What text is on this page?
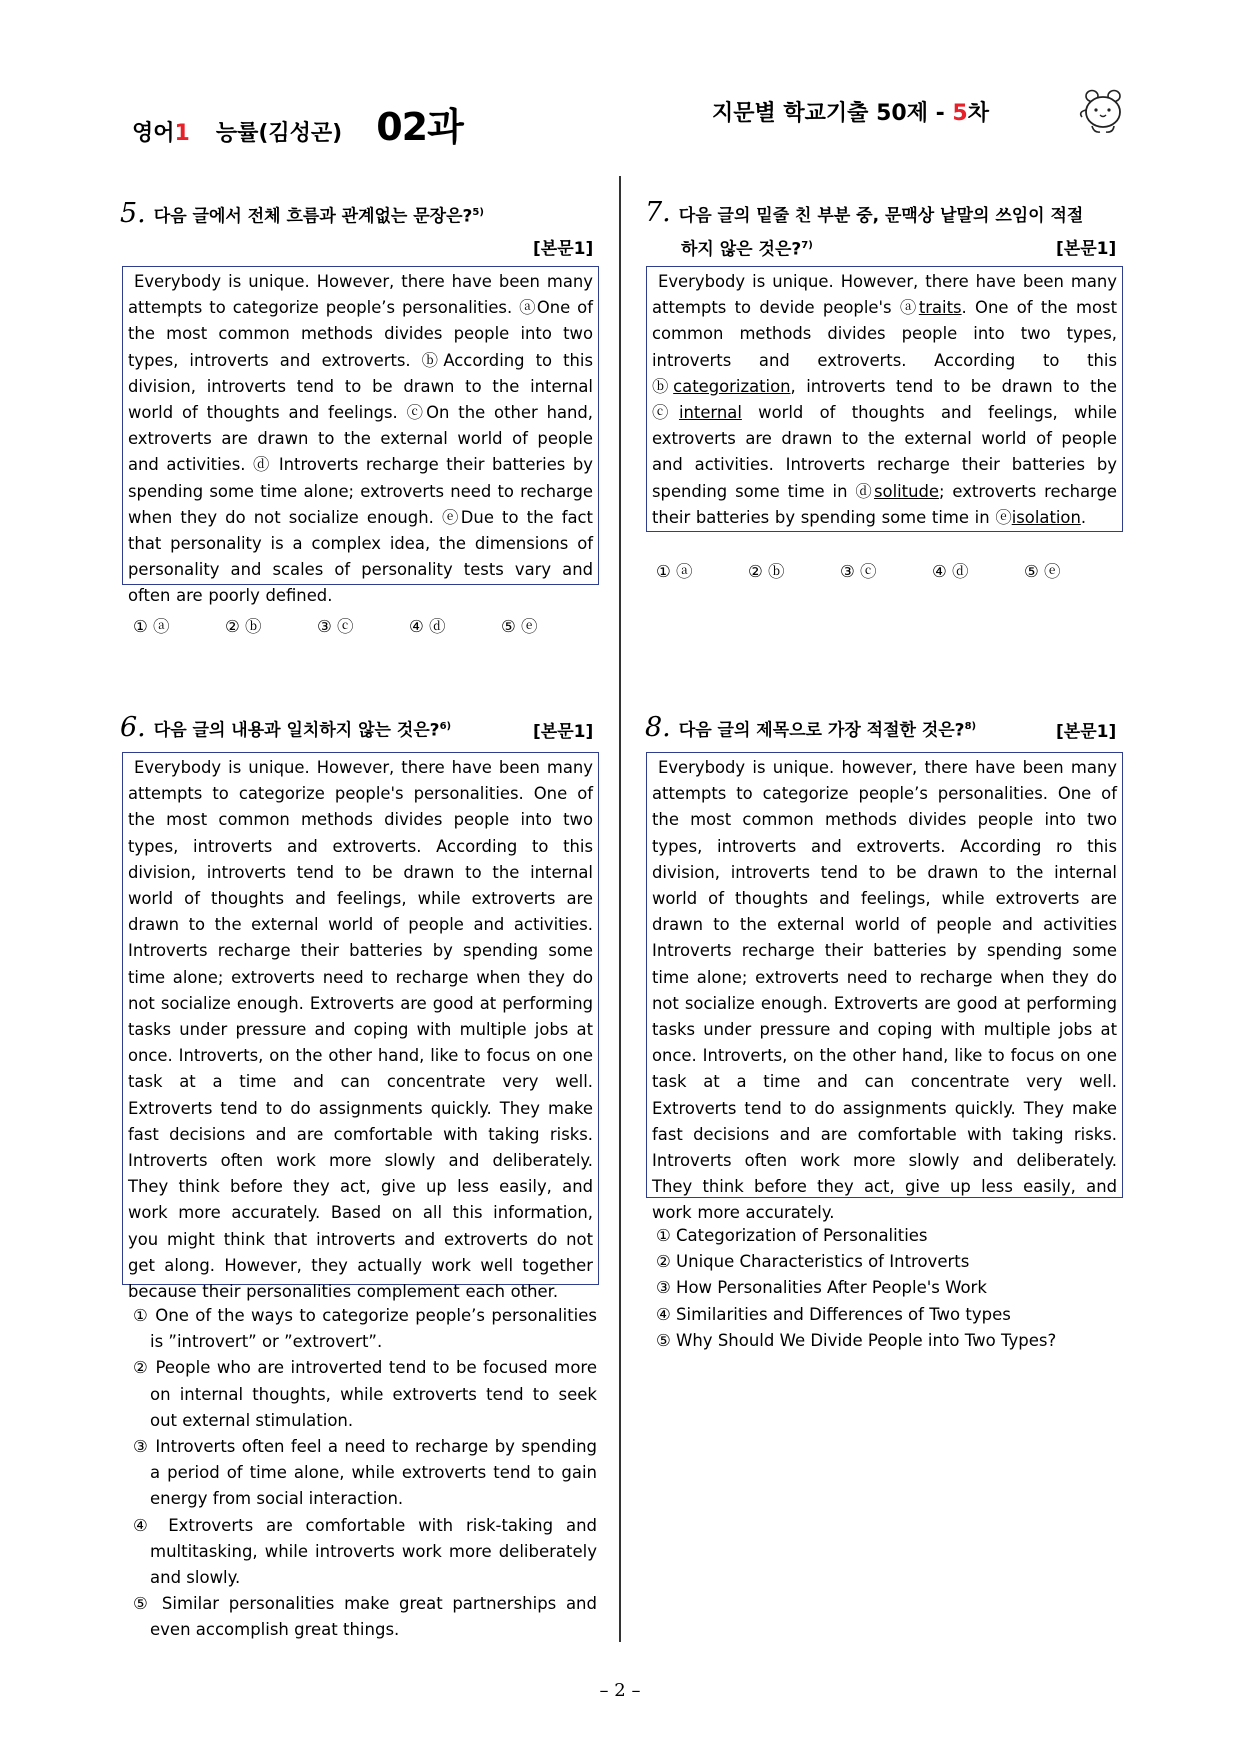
영어 1 능률(김성곤) 02과	지문별 학교기출 50제 - 5 차
5. 다음 글에서 전체 흐름과 관계없는 문장은?$^{5)}$
[본문1]

Everybody is unique. However, there have been many attempts to categorize people’s personalities. ⓐOne of the most common methods divides people into two types, introverts and extroverts. ⓑAccording to this division, introverts tend to be drawn to the internal world of thoughts and feelings. ⓒOn the other hand, extroverts are drawn to the external world of people and activities. ⓓ Introverts recharge their batteries by spending some time alone; extroverts need to recharge when they do not socialize enough. ⓔDue to the fact that personality is a complex idea, the dimensions of personality and scales of personality tests vary and often are poorly defined.

① ⓐ	② ⓑ	③ ⓒ	④ ⓓ	⑤ ⓔ
6. 다음 글의 내용과 일치하지 않는 것은?$^{6)}$	[본문1]

Everybody is unique. However, there have been many attempts to categorize people's personalities. One of the most common methods divides people into two types, introverts and extroverts. According to this division, introverts tend to be drawn to the internal world of thoughts and feelings, while extroverts are drawn to the external world of people and activities. Introverts recharge their batteries by spending some time alone; extroverts need to recharge when they do not socialize enough. Extroverts are good at performing tasks under pressure and coping with multiple jobs at once. Introverts, on the other hand, like to focus on one task at a time and can concentrate very well. Extroverts tend to do assignments quickly. They make fast decisions and are comfortable with taking risks. Introverts often work more slowly and deliberately. They think before they act, give up less easily, and work more accurately. Based on all this information, you might think that introverts and extroverts do not get along. However, they actually work well together because their personalities complement each other.

① One of the ways to categorize people’s personalities is ”introvert” or ”extrovert”.
② People who are introverted tend to be focused more on internal thoughts, while extroverts tend to seek out external stimulation.
③ Introverts often feel a need to recharge by spending a period of time alone, while extroverts tend to gain energy from social interaction.
④ Extroverts are comfortable with risk-taking and multitasking, while introverts work more deliberately and slowly.
⑤ Similar personalities make great partnerships and even accomplish great things.
7. 다음 글의 밑줄 친 부분 중, 문맥상 낱말의 쓰임이 적절
하지 않은 것은?$^{7)}$	[본문1]

Everybody is unique. However, there have been many attempts to devide people's ⓐtraits. One of the most common methods divides people into two types, introverts and extroverts. According to this ⓑcategorization, introverts tend to be drawn to the ⓒinternal world of thoughts and feelings, while extroverts are drawn to the external world of people and activities. Introverts recharge their batteries by spending some time in ⓓsolitude; extroverts recharge their batteries by spending some time in ⓔisolation.

① ⓐ	② ⓑ	③ ⓒ	④ ⓓ	⑤ ⓔ
8. 다음 글의 제목으로 가장 적절한 것은?$^{8)}$	[본문1]

Everybody is unique. however, there have been many attempts to categorize people’s personalities. One of the most common methods divides people into two types, introverts and extroverts. According ro this division, introverts tend to be drawn to the internal world of thoughts and feelings, while extroverts are drawn to the external world of people and activities Introverts recharge their batteries by spending some time alone; extroverts need to recharge when they do not socialize enough. Extroverts are good at performing tasks under pressure and coping with multiple jobs at once. Introverts, on the other hand, like to focus on one task at a time and can concentrate very well. Extroverts tend to do assignments quickly. They make fast decisions and are comfortable with taking risks. Introverts often work more slowly and deliberately. They think before they act, give up less easily, and work more accurately.

① Categorization of Personalities
② Unique Characteristics of Introverts
③ How Personalities After People's Work
④ Similarities and Differences of Two types
⑤ Why Should We Divide People into Two Types?
– 2 –
